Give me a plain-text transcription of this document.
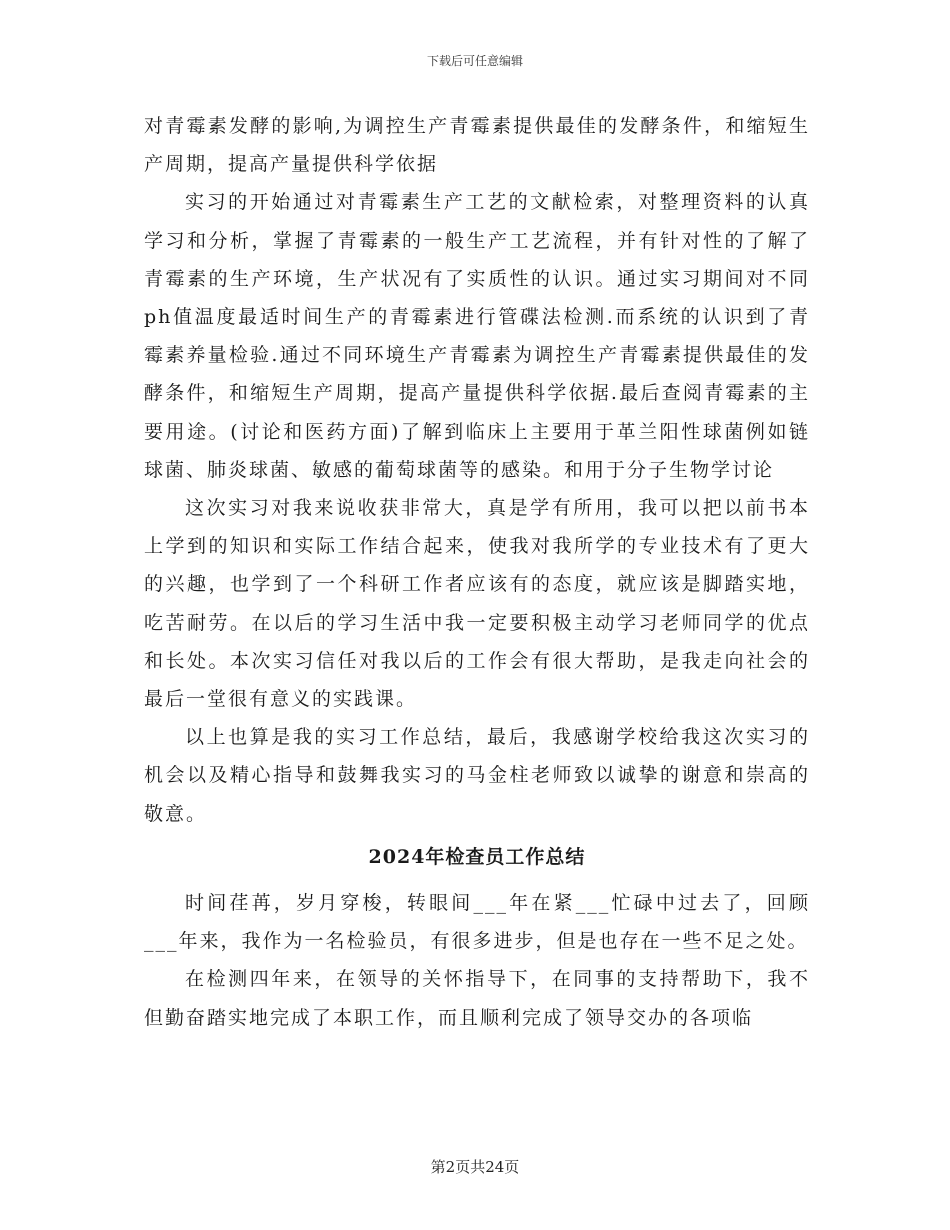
下载后可任意编辑

对青霉素发酵的影响,为调控生产青霉素提供最佳的发酵条件，和缩短生产周期，提高产量提供科学依据

实习的开始通过对青霉素生产工艺的文献检索，对整理资料的认真学习和分析，掌握了青霉素的一般生产工艺流程，并有针对性的了解了青霉素的生产环境，生产状况有了实质性的认识。通过实习期间对不同ph值温度最适时间生产的青霉素进行管碟法检测.而系统的认识到了青霉素养量检验.通过不同环境生产青霉素为调控生产青霉素提供最佳的发酵条件，和缩短生产周期，提高产量提供科学依据.最后查阅青霉素的主要用途。(讨论和医药方面)了解到临床上主要用于革兰阳性球菌例如链球菌、肺炎球菌、敏感的葡萄球菌等的感染。和用于分子生物学讨论

这次实习对我来说收获非常大，真是学有所用，我可以把以前书本上学到的知识和实际工作结合起来，使我对我所学的专业技术有了更大的兴趣，也学到了一个科研工作者应该有的态度，就应该是脚踏实地，吃苦耐劳。在以后的学习生活中我一定要积极主动学习老师同学的优点和长处。本次实习信任对我以后的工作会有很大帮助，是我走向社会的最后一堂很有意义的实践课。

以上也算是我的实习工作总结，最后，我感谢学校给我这次实习的机会以及精心指导和鼓舞我实习的马金柱老师致以诚挚的谢意和崇高的敬意。

2024年检查员工作总结

时间荏苒，岁月穿梭，转眼间___年在紧___忙碌中过去了，回顾___年来，我作为一名检验员，有很多进步，但是也存在一些不足之处。

在检测四年来，在领导的关怀指导下，在同事的支持帮助下，我不但勤奋踏实地完成了本职工作，而且顺利完成了领导交办的各项临

第2页共24页
